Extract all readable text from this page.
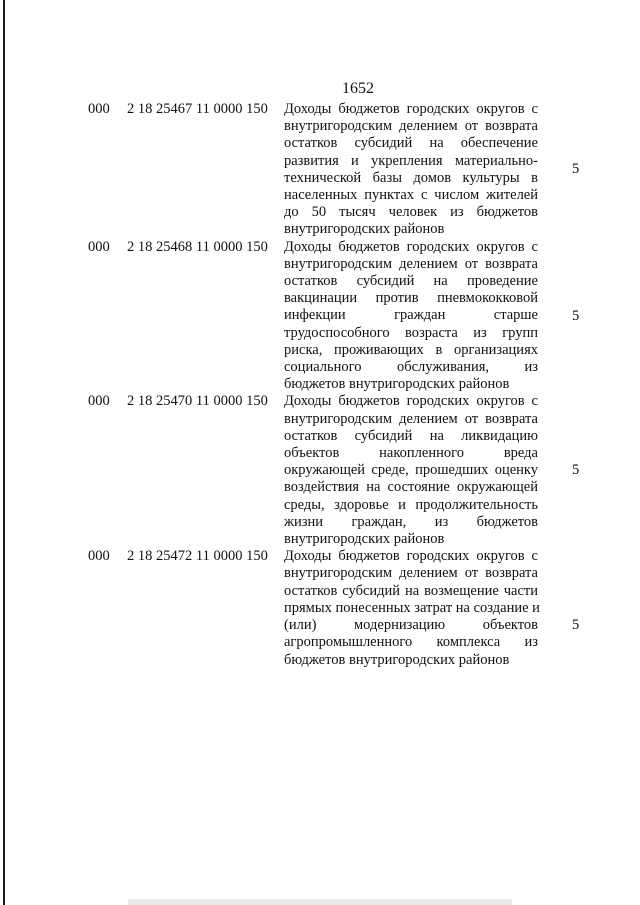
1652
000 2 18 25467 11 0000 150 Доходы бюджетов городских округов с
внутригородским делением от возврата
остатков субсидий на обеспечение
развития и укрепления материально-
технической базы домов культуры в
населенных пунктах с числом жителей
до 50 тысяч человек из бюджетов
внутригородских районов
5
000 2 18 25468 11 0000 150 Доходы бюджетов городских округов с
внутригородским делением от возврата
остатков субсидий на проведение
вакцинации против пневмококковой
инфекции граждан старше
трудоспособного возраста из групп
риска, проживающих в организациях
социального обслуживания, из
бюджетов внутригородских районов
5
000 2 18 25470 11 0000 150 Доходы бюджетов городских округов с
внутригородским делением от возврата
остатков субсидий на ликвидацию
объектов накопленного вреда
окружающей среде, прошедших оценку
воздействия на состояние окружающей
среды, здоровье и продолжительность
жизни граждан, из бюджетов
внутригородских районов
5
000 2 18 25472 11 0000 150 Доходы бюджетов городских округов с
внутригородским делением от возврата
остатков субсидий на возмещение части
прямых понесенных затрат на создание и
(или) модернизацию объектов
агропромышленного комплекса из
бюджетов внутригородских районов
5
